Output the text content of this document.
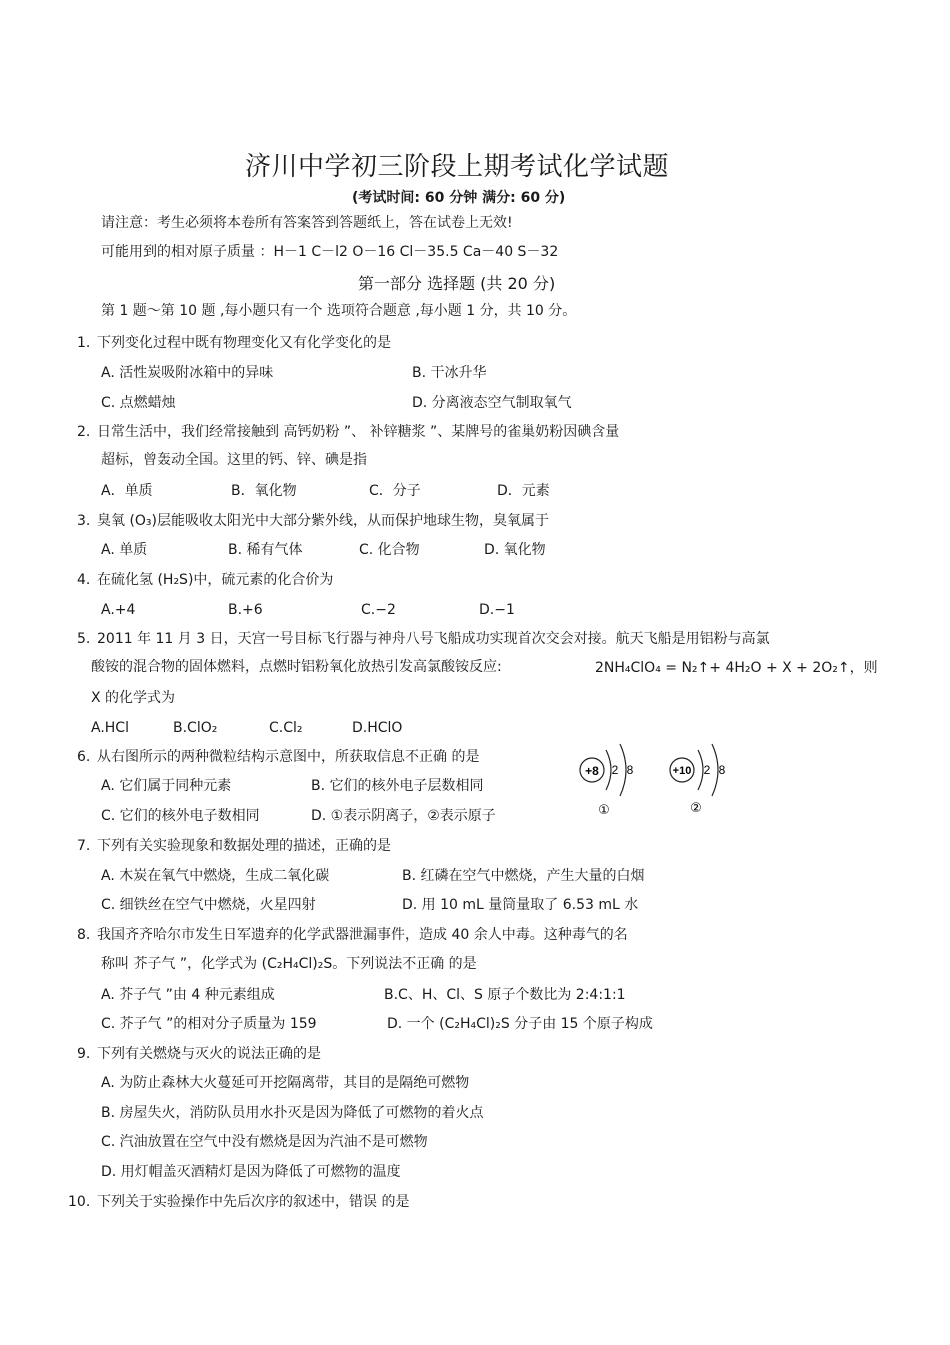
济川中学初三阶段上期考试化学试题
(考试时间: 60 分钟 满分: 60 分)
请注意：考生必须将本卷所有答案答到答题纸上，答在试卷上无效!
可能用到的相对原子质量 ：H－1 C－l2 O－16 Cl－35.5 Ca－40 S－32
第一部分 选择题 (共 20 分)
第 1 题～第 10 题 ,每小题只有一个 选项符合题意 ,每小题 1 分，共 10 分。
1. 下列变化过程中既有物理变化又有化学变化的是
A. 活性炭吸附冰箱中的异味	B. 干冰升华
C. 点燃蜡烛	D. 分离液态空气制取氧气
2. 日常生活中，我们经常接触到 高钙奶粉 ”、 补锌糖浆 ”、某牌号的雀巢奶粉因碘含量
超标，曾轰动全国。这里的钙、锌、碘是指
A．单质	B．氧化物	C．分子	D．元素
3. 臭氧 (O₃)层能吸收太阳光中大部分紫外线，从而保护地球生物，臭氧属于
A. 单质	B. 稀有气体	C. 化合物	D. 氧化物
4. 在硫化氢 (H₂S)中，硫元素的化合价为
A.+4	B.+6	C.−2	D.−1
5. 2011 年 11 月 3 日，天宫一号目标飞行器与神舟八号飞船成功实现首次交会对接。航天飞船是用铝粉与高氯
酸铵的混合物的固体燃料，点燃时铝粉氧化放热引发高氯酸铵反应:	2NH₄ClO₄ = N₂↑+ 4H₂O + X + 2O₂↑，则
X 的化学式为
A.HCl	B.ClO₂	C.Cl₂	D.HClO
6. 从右图所示的两种微粒结构示意图中，所获取信息不正确 的是
A. 它们属于同种元素	B. 它们的核外电子层数相同
C. 它们的核外电子数相同	D. ①表示阴离子，②表示原子
+8 2 8
①
+10 2 8
②
7. 下列有关实验现象和数据处理的描述，正确的是
A. 木炭在氧气中燃烧，生成二氧化碳	B. 红磷在空气中燃烧，产生大量的白烟
C. 细铁丝在空气中燃烧，火星四射	D. 用 10 mL 量筒量取了 6.53 mL 水
8. 我国齐齐哈尔市发生日军遗弃的化学武器泄漏事件，造成 40 余人中毒。这种毒气的名
称叫 芥子气 ”，化学式为 (C₂H₄Cl)₂S。下列说法不正确 的是
A. 芥子气 ”由 4 种元素组成	B.C、H、Cl、S 原子个数比为 2:4:1:1
C. 芥子气 ”的相对分子质量为 159	D. 一个 (C₂H₄Cl)₂S 分子由 15 个原子构成
9. 下列有关燃烧与灭火的说法正确的是
A. 为防止森林大火蔓延可开挖隔离带，其目的是隔绝可燃物
B. 房屋失火，消防队员用水扑灭是因为降低了可燃物的着火点
C. 汽油放置在空气中没有燃烧是因为汽油不是可燃物
D. 用灯帽盖灭酒精灯是因为降低了可燃物的温度
10. 下列关于实验操作中先后次序的叙述中，错误 的是
